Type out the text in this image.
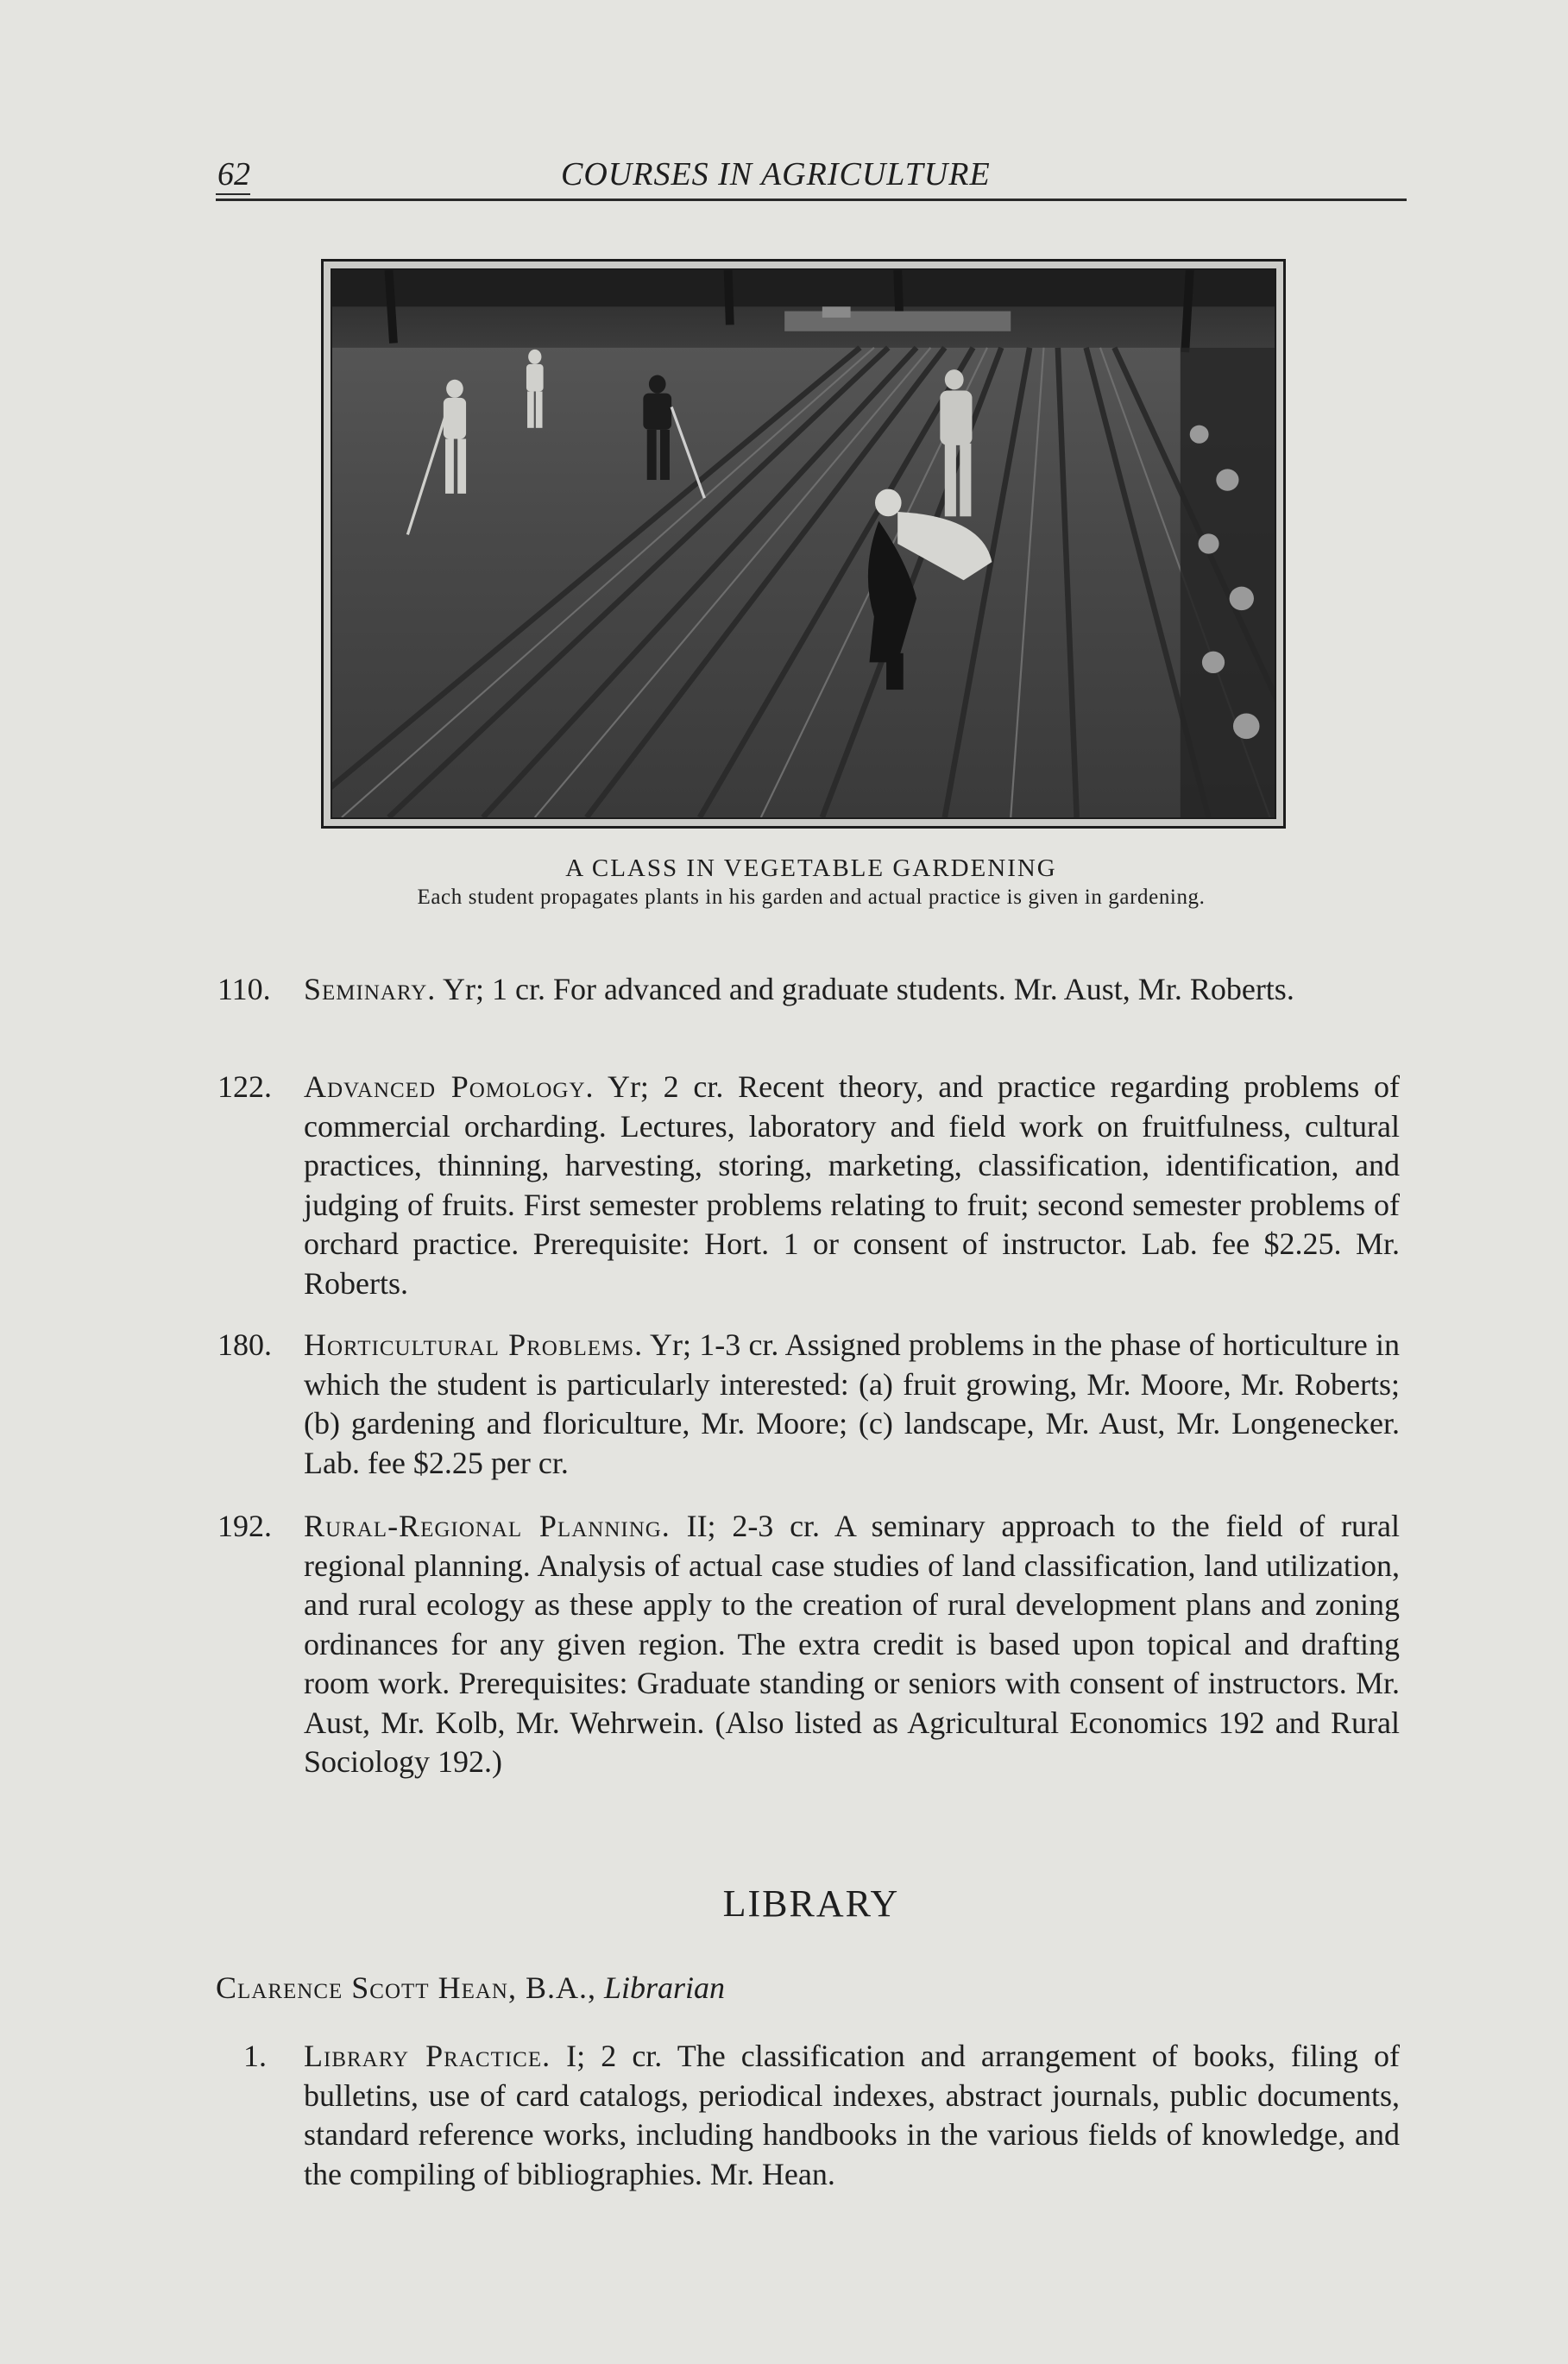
62	COURSES IN AGRICULTURE
A CLASS IN VEGETABLE GARDENING
Each student propagates plants in his garden and actual practice is given in gardening.
110. Seminary. Yr; 1 cr. For advanced and graduate students. Mr. Aust, Mr. Roberts.
122. Advanced Pomology. Yr; 2 cr. Recent theory, and practice regarding problems of commercial orcharding. Lectures, laboratory and field work on fruitfulness, cultural practices, thinning, harvesting, storing, marketing, classification, identification, and judging of fruits. First semester problems relating to fruit; second semester problems of orchard practice. Prerequisite: Hort. 1 or consent of instructor. Lab. fee $2.25. Mr. Roberts.
180. Horticultural Problems. Yr; 1-3 cr. Assigned problems in the phase of horticulture in which the student is particularly interested: (a) fruit growing, Mr. Moore, Mr. Roberts; (b) gardening and floriculture, Mr. Moore; (c) landscape, Mr. Aust, Mr. Longenecker. Lab. fee $2.25 per cr.
192. Rural-Regional Planning. II; 2-3 cr. A seminary approach to the field of rural regional planning. Analysis of actual case studies of land classification, land utilization, and rural ecology as these apply to the creation of rural development plans and zoning ordinances for any given region. The extra credit is based upon topical and drafting room work. Prerequisites: Graduate standing or seniors with consent of instructors. Mr. Aust, Mr. Kolb, Mr. Wehrwein. (Also listed as Agricultural Economics 192 and Rural Sociology 192.)
LIBRARY
Clarence Scott Hean, B.A., Librarian
1. Library Practice. I; 2 cr. The classification and arrangement of books, filing of bulletins, use of card catalogs, periodical indexes, abstract journals, public documents, standard reference works, including handbooks in the various fields of knowledge, and the compiling of bibliographies. Mr. Hean.
